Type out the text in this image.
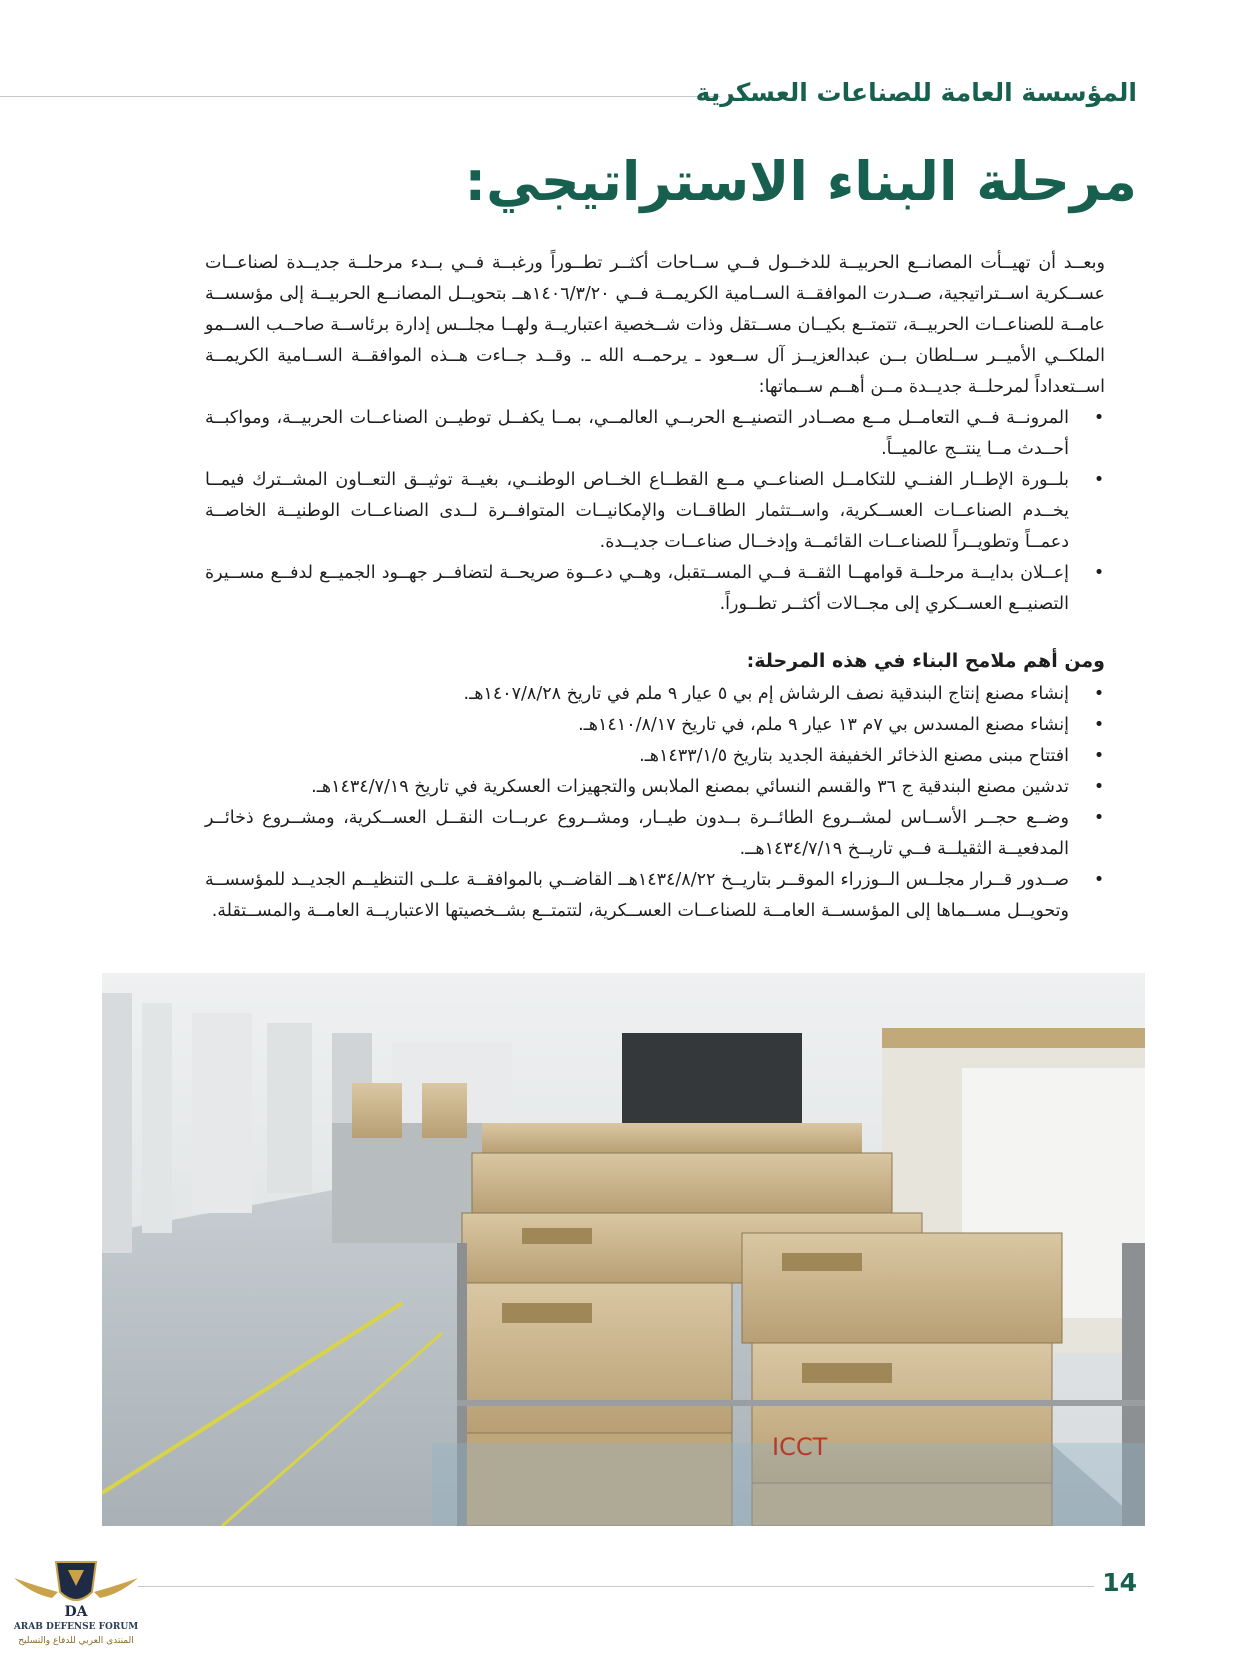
المؤسسة العامة للصناعات العسكرية
مرحلة البناء الاستراتيجي:

وبعــد أن تهيــأت المصانــع الحربيــة للدخــول فــي ســاحات أكثــر تطــوراً ورغبــة فــي بــدء مرحلــة جديــدة لصناعــات عســكرية اســتراتيجية، صــدرت الموافقــة الســامية الكريمــة فــي ١٤٠٦/٣/٢٠هــ بتحويــل المصانــع الحربيــة إلى مؤسســة عامــة للصناعــات الحربيــة، تتمتــع بكيــان مســتقل وذات شــخصية اعتباريــة ولهــا مجلــس إدارة برئاســة صاحــب الســمو الملكــي الأميــر ســلطان بــن عبدالعزيــز آل ســعود ـ يرحمــه الله ـ. وقــد جــاءت هــذه الموافقــة الســامية الكريمــة اســتعداداً لمرحلــة جديــدة مــن أهــم ســماتها:

• المرونــة فــي التعامــل مــع مصــادر التصنيــع الحربــي العالمــي، بمــا يكفــل توطيــن الصناعــات الحربيــة، ومواكبــة أحــدث مــا ينتــج عالميــاً.
• بلــورة الإطــار الفنــي للتكامــل الصناعــي مــع القطــاع الخــاص الوطنــي، بغيــة توثيــق التعــاون المشــترك فيمــا يخــدم الصناعــات العســكرية، واســتثمار الطاقــات والإمكانيــات المتوافــرة لــدى الصناعــات الوطنيــة الخاصــة دعمــاً وتطويــراً للصناعــات القائمــة وإدخــال صناعــات جديــدة.
• إعــلان بدايــة مرحلــة قوامهــا الثقــة فــي المســتقبل، وهــي دعــوة صريحــة لتضافــر جهــود الجميــع لدفــع مســيرة التصنيــع العســكري إلى مجــالات أكثــر تطــوراً.
ومن أهم ملامح البناء في هذه المرحلة:
• إنشاء مصنع إنتاج البندقية نصف الرشاش إم بي ٥ عيار ٩ ملم في تاريخ ١٤٠٧/٨/٢٨هـ.
• إنشاء مصنع المسدس بي ٧م ١٣ عيار ٩ ملم، في تاريخ ١٤١٠/٨/١٧هـ.
• افتتاح مبنى مصنع الذخائر الخفيفة الجديد بتاريخ ١٤٣٣/١/٥هـ.
• تدشين مصنع البندقية ج ٣٦ والقسم النسائي بمصنع الملابس والتجهيزات العسكرية في تاريخ ١٤٣٤/٧/١٩هـ.
• وضــع حجــر الأســاس لمشــروع الطائــرة بــدون طيــار، ومشــروع عربــات النقــل العســكرية، ومشــروع ذخائــر المدفعيــة الثقيلــة فــي تاريــخ ١٤٣٤/٧/١٩هــ.
• صــدور قــرار مجلــس الــوزراء الموقــر بتاريــخ ١٤٣٤/٨/٢٢هــ القاضــي بالموافقــة علــى التنظيــم الجديــد للمؤسســة وتحويــل مســماها إلى المؤسســة العامــة للصناعــات العســكرية، لتتمتــع بشــخصيتها الاعتباريــة العامــة والمســتقلة.
ICCT
14
DA
ARAB DEFENSE FORUM
المنتدى العربي للدفاع والتسليح
